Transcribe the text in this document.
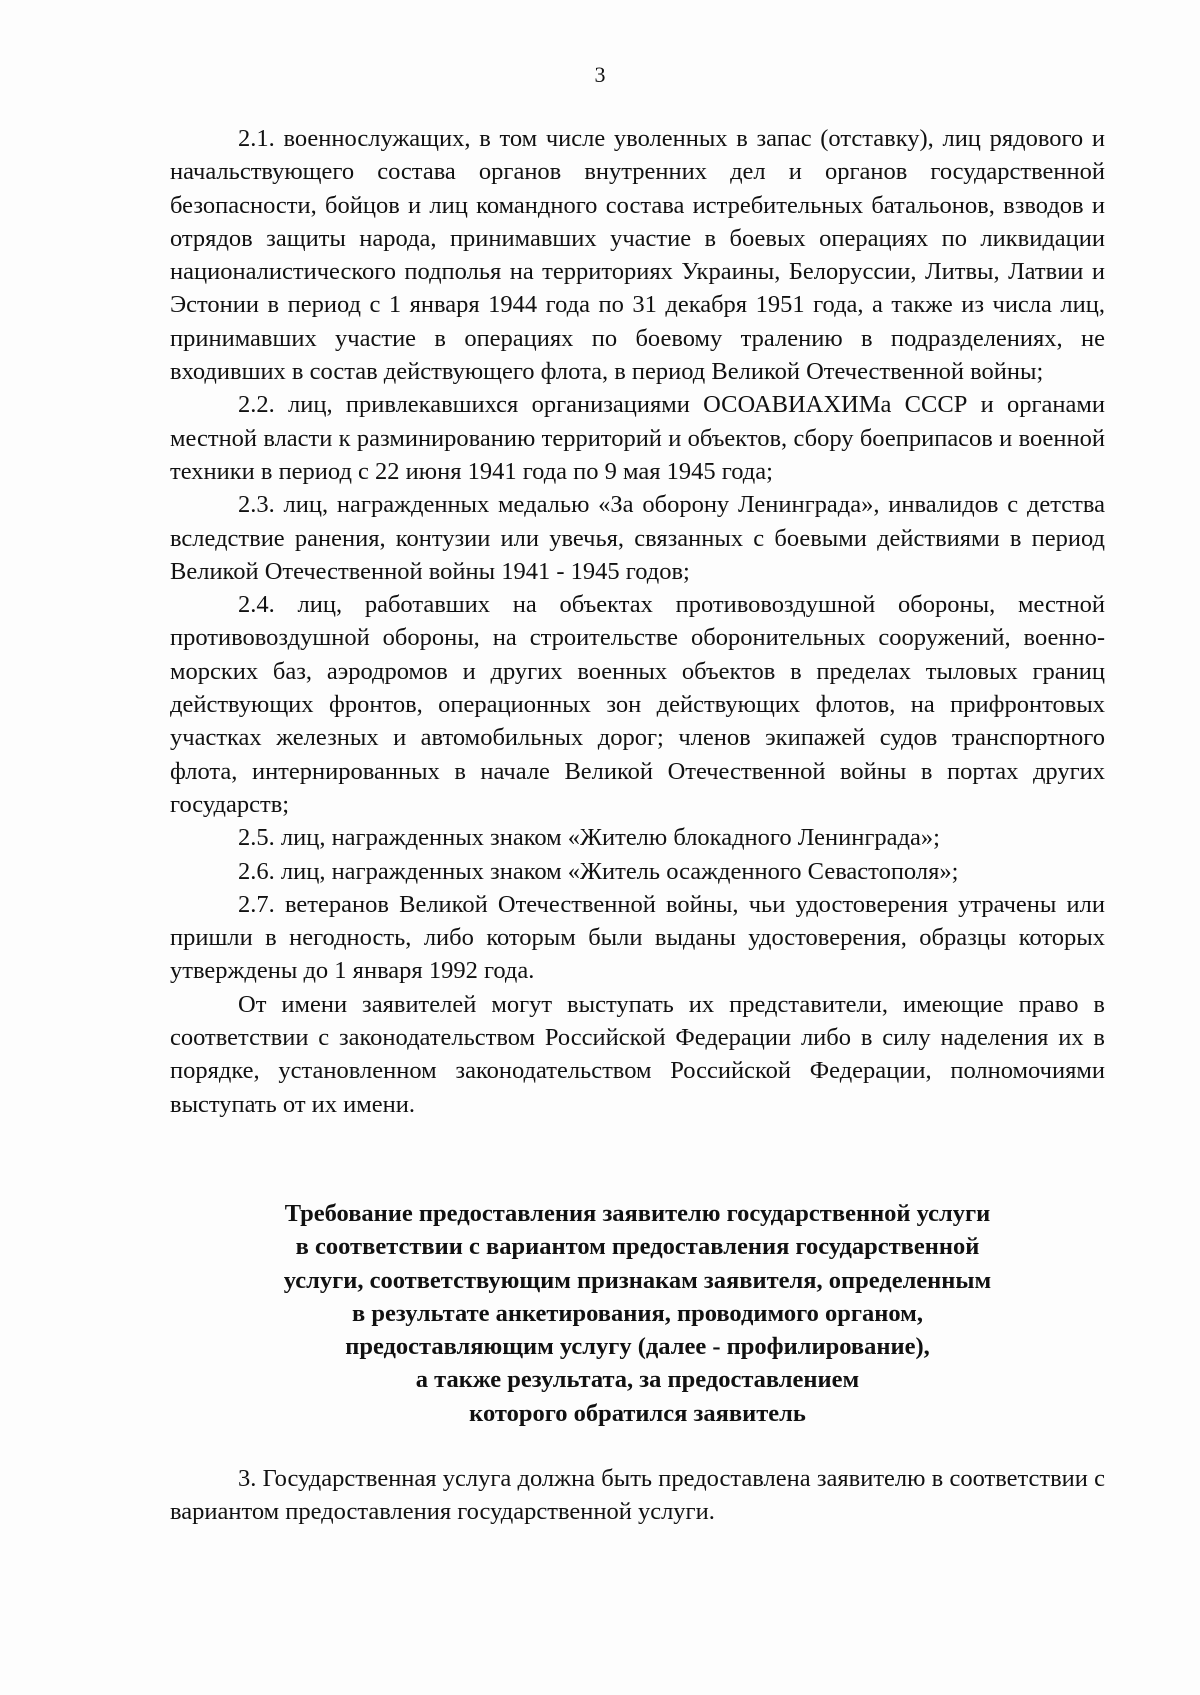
3

2.1. военнослужащих, в том числе уволенных в запас (отставку), лиц рядового и начальствующего состава органов внутренних дел и органов государственной безопасности, бойцов и лиц командного состава истребительных батальонов, взводов и отрядов защиты народа, принимавших участие в боевых операциях по ликвидации националистического подполья на территориях Украины, Белоруссии, Литвы, Латвии и Эстонии в период с 1 января 1944 года по 31 декабря 1951 года, а также из числа лиц, принимавших участие в операциях по боевому тралению в подразделениях, не входивших в состав действующего флота, в период Великой Отечественной войны;

2.2. лиц, привлекавшихся организациями ОСОАВИАХИМа СССР и органами местной власти к разминированию территорий и объектов, сбору боеприпасов и военной техники в период с 22 июня 1941 года по 9 мая 1945 года;

2.3. лиц, награжденных медалью «За оборону Ленинграда», инвалидов с детства вследствие ранения, контузии или увечья, связанных с боевыми действиями в период Великой Отечественной войны 1941 - 1945 годов;

2.4. лиц, работавших на объектах противовоздушной обороны, местной противовоздушной обороны, на строительстве оборонительных сооружений, военно-морских баз, аэродромов и других военных объектов в пределах тыловых границ действующих фронтов, операционных зон действующих флотов, на прифронтовых участках железных и автомобильных дорог; членов экипажей судов транспортного флота, интернированных в начале Великой Отечественной войны в портах других государств;

2.5. лиц, награжденных знаком «Жителю блокадного Ленинграда»;

2.6. лиц, награжденных знаком «Житель осажденного Севастополя»;

2.7. ветеранов Великой Отечественной войны, чьи удостоверения утрачены или пришли в негодность, либо которым были выданы удостоверения, образцы которых утверждены до 1 января 1992 года.

От имени заявителей могут выступать их представители, имеющие право в соответствии с законодательством Российской Федерации либо в силу наделения их в порядке, установленном законодательством Российской Федерации, полномочиями выступать от их имени.

Требование предоставления заявителю государственной услуги
в соответствии с вариантом предоставления государственной
услуги, соответствующим признакам заявителя, определенным
в результате анкетирования, проводимого органом,
предоставляющим услугу (далее - профилирование),
а также результата, за предоставлением
которого обратился заявитель

3. Государственная услуга должна быть предоставлена заявителю в соответствии с вариантом предоставления государственной услуги.
